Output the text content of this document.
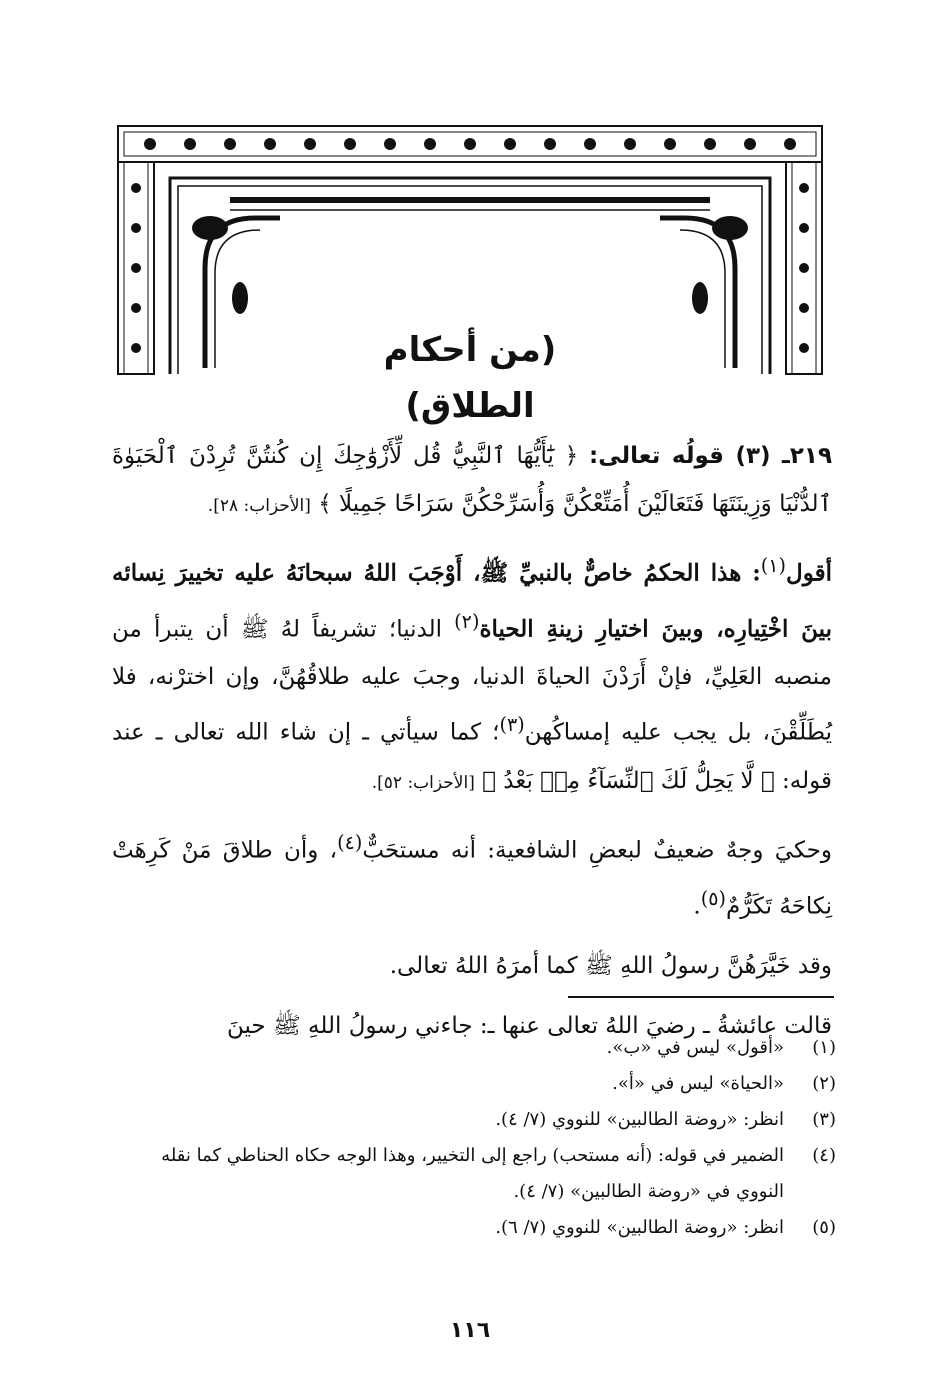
(من أحكام الطلاق)

٢١٩ـ (٣) قولُه تعالى: ﴿ يَٰٓأَيُّهَا ٱلنَّبِيُّ قُل لِّأَزْوَٰجِكَ إِن كُنتُنَّ تُرِدْنَ ٱلْحَيَوٰةَ ٱلدُّنْيَا وَزِينَتَهَا فَتَعَالَيْنَ أُمَتِّعْكُنَّ وَأُسَرِّحْكُنَّ سَرَاحًا جَمِيلًا ﴾ [الأحزاب: ٢٨].

أقول$^{(١)}$: هذا الحكمُ خاصٌّ بالنبيِّ ﷺ، أَوْجَبَ اللهُ سبحانَهُ عليه تخييرَ نِسائه بينَ اخْتِيارِه، وبينَ اختيارِ زينةِ الحياة$^{(٢)}$ الدنيا؛ تشريفاً لهُ ﷺ أن يتبرأ من منصبه العَلِيِّ، فإنْ أَرَدْنَ الحياةَ الدنيا، وجبَ عليه طلاقُهُنَّ، وإن اخترْنه، فلا يُطَلِّقْنَ، بل يجب عليه إمساكُهن$^{(٣)}$؛ كما سيأتي ـ إن شاء الله تعالى ـ عند قوله: ﴿ لَّا يَحِلُّ لَكَ ٱلنِّسَآءُ مِنۢ بَعْدُ ﴾ [الأحزاب: ٥٢].

وحكيَ وجهٌ ضعيفٌ لبعضِ الشافعية: أنه مستحَبٌّ$^{(٤)}$، وأن طلاقَ مَنْ كَرِهَتْ نِكاحَهُ تَكَرُّمٌ$^{(٥)}$.

وقد خَيَّرَهُنَّ رسولُ اللهِ ﷺ كما أمرَهُ اللهُ تعالى.

قالت عائشةُ ـ رضيَ اللهُ تعالى عنها ـ: جاءني رسولُ اللهِ ﷺ حينَ

(١)
«أقول» ليس في «ب».
(٢)
«الحياة» ليس في «أ».
(٣)
انظر: «روضة الطالبين» للنووي (٧/ ٤).
(٤)
الضمير في قوله: (أنه مستحب) راجع إلى التخيير، وهذا الوجه حكاه الحناطي كما نقله النووي في «روضة الطالبين» (٧/ ٤).
(٥)
انظر: «روضة الطالبين» للنووي (٧/ ٦).
١١٦
